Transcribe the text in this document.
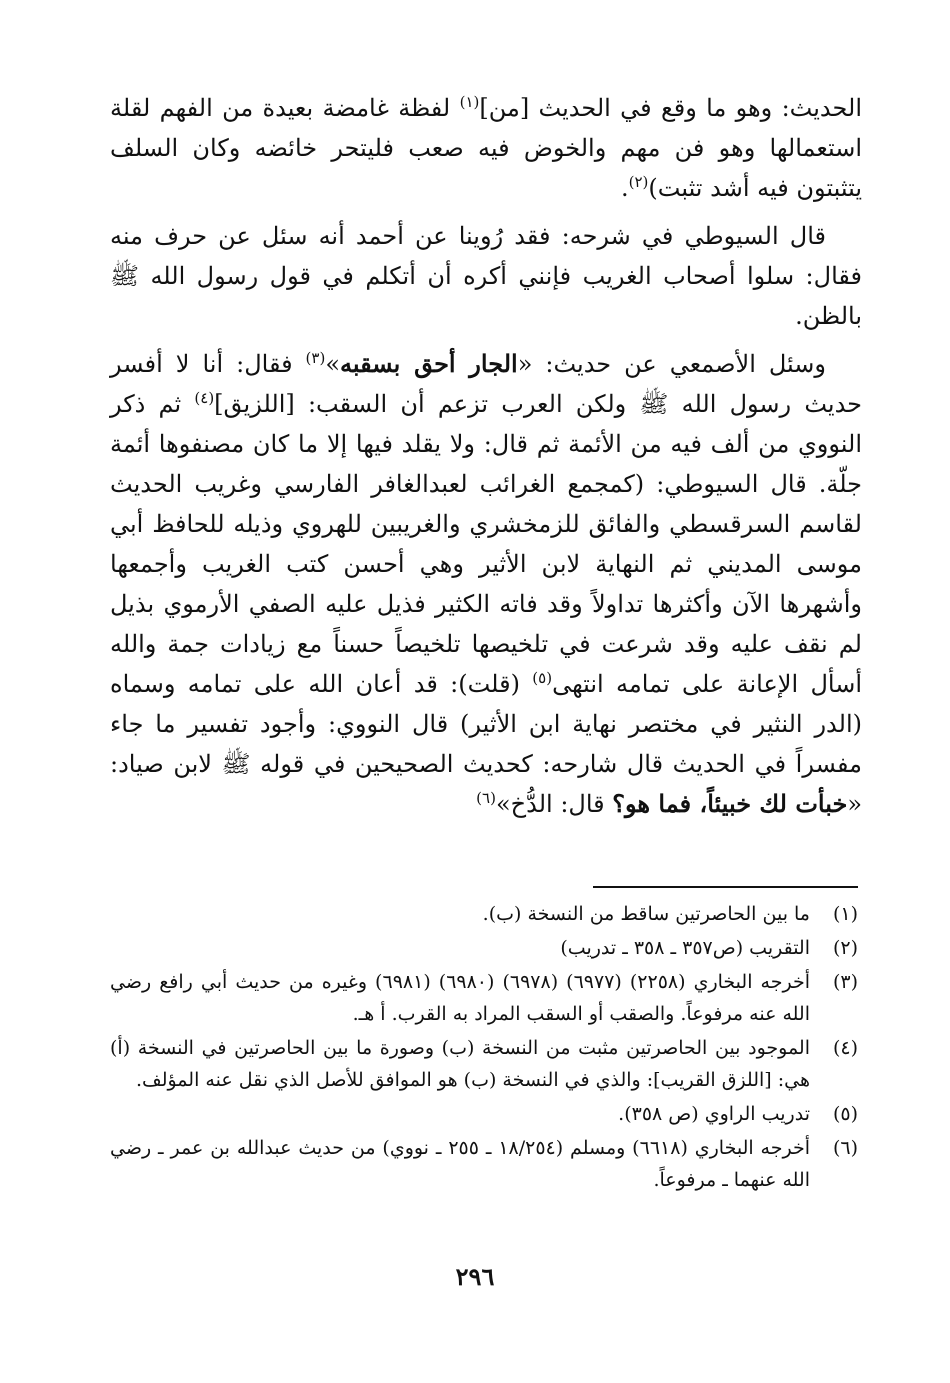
الحديث: وهو ما وقع في الحديث [من]$^{(١)}$ لفظة غامضة بعيدة من الفهم لقلة استعمالها وهو فن مهم والخوض فيه صعب فليتحر خائضه وكان السلف يتثبتون فيه أشد تثبت)$^{(٢)}$.

قال السيوطي في شرحه: فقد رُوينا عن أحمد أنه سئل عن حرف منه فقال: سلوا أصحاب الغريب فإنني أكره أن أتكلم في قول رسول الله ﷺ بالظن.

وسئل الأصمعي عن حديث: «الجار أحق بسقبه»$^{(٣)}$ فقال: أنا لا أفسر حديث رسول الله ﷺ ولكن العرب تزعم أن السقب: [اللزيق]$^{(٤)}$ ثم ذكر النووي من ألف فيه من الأئمة ثم قال: ولا يقلد فيها إلا ما كان مصنفوها أئمة جلّة. قال السيوطي: (كمجمع الغرائب لعبدالغافر الفارسي وغريب الحديث لقاسم السرقسطي والفائق للزمخشري والغريبين للهروي وذيله للحافظ أبي موسى المديني ثم النهاية لابن الأثير وهي أحسن كتب الغريب وأجمعها وأشهرها الآن وأكثرها تداولاً وقد فاته الكثير فذيل عليه الصفي الأرموي بذيل لم نقف عليه وقد شرعت في تلخيصها تلخيصاً حسناً مع زيادات جمة والله أسأل الإعانة على تمامه انتهى$^{(٥)}$ (قلت): قد أعان الله على تمامه وسماه (الدر النثير في مختصر نهاية ابن الأثير) قال النووي: وأجود تفسير ما جاء مفسراً في الحديث قال شارحه: كحديث الصحيحين في قوله ﷺ لابن صياد: «خبأت لك خبيئاً، فما هو؟ قال: الدُّخ»$^{(٦)}$

(١)
ما بين الحاصرتين ساقط من النسخة (ب).
(٢)
التقريب (ص٣٥٧ ـ ٣٥٨ ـ تدريب)
(٣)
أخرجه البخاري (٢٢٥٨) (٦٩٧٧) (٦٩٧٨) (٦٩٨٠) (٦٩٨١) وغيره من حديث أبي رافع رضي الله عنه مرفوعاً. والصقب أو السقب المراد به القرب. أ هـ.
(٤)
الموجود بين الحاصرتين مثبت من النسخة (ب) وصورة ما بين الحاصرتين في النسخة (أ) هي: [اللزق القريب]: والذي في النسخة (ب) هو الموافق للأصل الذي نقل عنه المؤلف.
(٥)
تدريب الراوي (ص ٣٥٨).
(٦)
أخرجه البخاري (٦٦١٨) ومسلم (١٨/٢٥٤ ـ ٢٥٥ ـ نووي) من حديث عبدالله بن عمر ـ رضي الله عنهما ـ مرفوعاً.
٢٩٦
